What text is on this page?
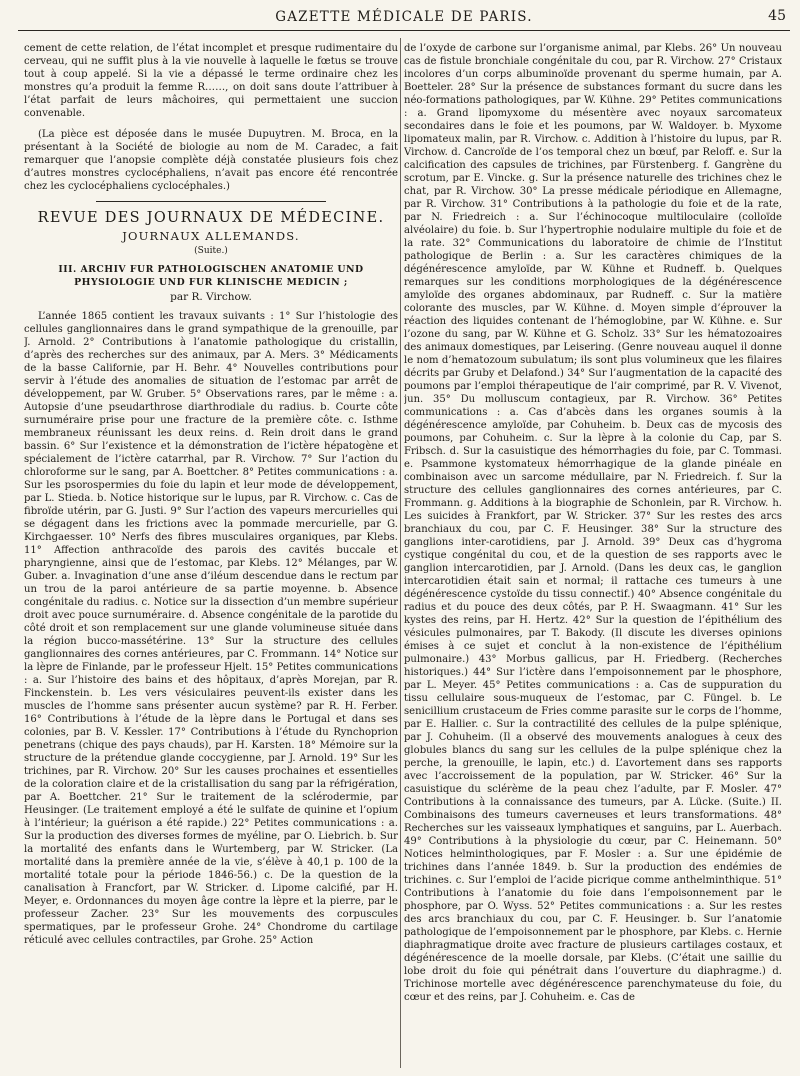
GAZETTE MÉDICALE DE PARIS.	45

cement de cette relation, de l’état incomplet et presque rudimentaire du cerveau, qui ne suffit plus à la vie nouvelle à laquelle le fœtus se trouve tout à coup appelé. Si la vie a dépassé le terme ordinaire chez les monstres qu’a produit la femme R……, on doit sans doute l’attribuer à l’état parfait de leurs mâchoires, qui permettaient une succion convenable.

(La pièce est déposée dans le musée Dupuytren. M. Broca, en la présentant à la Société de biologie au nom de M. Caradec, a fait remarquer que l’anopsie complète déjà constatée plusieurs fois chez d’autres monstres cyclocéphaliens, n’avait pas encore été rencontrée chez les cyclocéphaliens cyclocéphales.)

REVUE DES JOURNAUX DE MÉDECINE.
JOURNAUX ALLEMANDS.
(Suite.)
III. ARCHIV FUR PATHOLOGISCHEN ANATOMIE UND PHYSIOLOGIE UND FUR KLINISCHE MEDICIN ;
par R. Virchow.

L’année 1865 contient les travaux suivants : 1° Sur l’histologie des cellules ganglionnaires dans le grand sympathique de la grenouille, par J. Arnold. 2° Contributions à l’anatomie pathologique du cristallin, d’après des recherches sur des animaux, par A. Mers. 3° Médicaments de la basse Californie, par H. Behr. 4° Nouvelles contributions pour servir à l’étude des anomalies de situation de l’estomac par arrêt de développement, par W. Gruber. 5° Observations rares, par le même : a. Autopsie d’une pseudarthrose diarthrodiale du radius. b. Courte côte surnuméraire prise pour une fracture de la première côte. c. Isthme membraneux réunissant les deux reins. d. Rein droit dans le grand bassin. 6° Sur l’existence et la démonstration de l’ictère hépatogène et spécialement de l’ictère catarrhal, par R. Virchow. 7° Sur l’action du chloroforme sur le sang, par A. Boettcher. 8° Petites communications : a. Sur les psorospermies du foie du lapin et leur mode de développement, par L. Stieda. b. Notice historique sur le lupus, par R. Virchow. c. Cas de fibroïde utérin, par G. Justi. 9° Sur l’action des vapeurs mercurielles qui se dégagent dans les frictions avec la pommade mercurielle, par G. Kirchgaesser. 10° Nerfs des fibres musculaires organiques, par Klebs. 11° Affection anthracoïde des parois des cavités buccale et pharyngienne, ainsi que de l’estomac, par Klebs. 12° Mélanges, par W. Guber. a. Invagination d’une anse d’iléum descendue dans le rectum par un trou de la paroi antérieure de sa partie moyenne. b. Absence congénitale du radius. c. Notice sur la dissection d’un membre supérieur droit avec pouce surnuméraire. d. Absence congénitale de la parotide du côté droit et son remplacement sur une glande volumineuse située dans la région bucco-massétérine. 13° Sur la structure des cellules ganglionnaires des cornes antérieures, par C. Frommann. 14° Notice sur la lèpre de Finlande, par le professeur Hjelt. 15° Petites communications : a. Sur l’histoire des bains et des hôpitaux, d’après Morejan, par R. Finckenstein. b. Les vers vésiculaires peuvent-ils exister dans les muscles de l’homme sans présenter aucun système? par R. H. Ferber. 16° Contributions à l’étude de la lèpre dans le Portugal et dans ses colonies, par B. V. Kessler. 17° Contributions à l’étude du Rynchoprion penetrans (chique des pays chauds), par H. Karsten. 18° Mémoire sur la structure de la prétendue glande coccygienne, par J. Arnold. 19° Sur les trichines, par R. Virchow. 20° Sur les causes prochaines et essentielles de la coloration claire et de la cristallisation du sang par la réfrigération, par A. Boettcher. 21° Sur le traitement de la sclérodermie, par Heusinger. (Le traitement employé a été le sulfate de quinine et l’opium à l’intérieur; la guérison a été rapide.) 22° Petites communications : a. Sur la production des diverses formes de myéline, par O. Liebrich. b. Sur la mortalité des enfants dans le Wurtemberg, par W. Stricker. (La mortalité dans la première année de la vie, s’élève à 40,1 p. 100 de la mortalité totale pour la période 1846-56.) c. De la question de la canalisation à Francfort, par W. Stricker. d. Lipome calcifié, par H. Meyer, e. Ordonnances du moyen âge contre la lèpre et la pierre, par le professeur Zacher. 23° Sur les mouvements des corpuscules spermatiques, par le professeur Grohe. 24° Chondrome du cartilage réticulé avec cellules contractiles, par Grohe. 25° Action

de l’oxyde de carbone sur l’organisme animal, par Klebs. 26° Un nouveau cas de fistule bronchiale congénitale du cou, par R. Virchow. 27° Cristaux incolores d’un corps albuminoïde provenant du sperme humain, par A. Boetteler. 28° Sur la présence de substances formant du sucre dans les néo-formations pathologiques, par W. Kühne. 29° Petites communications : a. Grand lipomyxome du mésentère avec noyaux sarcomateux secondaires dans le foie et les poumons, par W. Waldoyer. b. Myxome lipomateux malin, par R. Virchow. c. Addition à l’histoire du lupus, par R. Virchow. d. Cancroïde de l’os temporal chez un bœuf, par Reloff. e. Sur la calcification des capsules de trichines, par Fürstenberg. f. Gangrène du scrotum, par E. Vincke. g. Sur la présence naturelle des trichines chez le chat, par R. Virchow. 30° La presse médicale périodique en Allemagne, par R. Virchow. 31° Contributions à la pathologie du foie et de la rate, par N. Friedreich : a. Sur l’échinocoque multiloculaire (colloïde alvéolaire) du foie. b. Sur l’hypertrophie nodulaire multiple du foie et de la rate. 32° Communications du laboratoire de chimie de l’Institut pathologique de Berlin : a. Sur les caractères chimiques de la dégénérescence amyloïde, par W. Kühne et Rudneff. b. Quelques remarques sur les conditions morphologiques de la dégénérescence amyloïde des organes abdominaux, par Rudneff. c. Sur la matière colorante des muscles, par W. Kühne. d. Moyen simple d’éprouver la réaction des liquides contenant de l’hémoglobine, par W. Kühne. e. Sur l’ozone du sang, par W. Kühne et G. Scholz. 33° Sur les hématozoaires des animaux domestiques, par Leisering. (Genre nouveau auquel il donne le nom d’hematozoum subulatum; ils sont plus volumineux que les filaires décrits par Gruby et Delafond.) 34° Sur l’augmentation de la capacité des poumons par l’emploi thérapeutique de l’air comprimé, par R. V. Vivenot, jun. 35° Du molluscum contagieux, par R. Virchow. 36° Petites communications : a. Cas d’abcès dans les organes soumis à la dégénérescence amyloïde, par Cohuheim. b. Deux cas de mycosis des poumons, par Cohuheim. c. Sur la lèpre à la colonie du Cap, par S. Fribsch. d. Sur la casuistique des hémorrhagies du foie, par C. Tommasi. e. Psammone kystomateux hémorrhagique de la glande pinéale en combinaison avec un sarcome médullaire, par N. Friedreich. f. Sur la structure des cellules ganglionnaires des cornes antérieures, par C. Frommann. g. Additions à la biographie de Schonlein, par R. Virchow. h. Les suicides à Frankfort, par W. Stricker. 37° Sur les restes des arcs branchiaux du cou, par C. F. Heusinger. 38° Sur la structure des ganglions inter-carotidiens, par J. Arnold. 39° Deux cas d’hygroma cystique congénital du cou, et de la question de ses rapports avec le ganglion intercarotidien, par J. Arnold. (Dans les deux cas, le ganglion intercarotidien était sain et normal; il rattache ces tumeurs à une dégénérescence cystoïde du tissu connectif.) 40° Absence congénitale du radius et du pouce des deux côtés, par P. H. Swaagmann. 41° Sur les kystes des reins, par H. Hertz. 42° Sur la question de l’épithélium des vésicules pulmonaires, par T. Bakody. (Il discute les diverses opinions émises à ce sujet et conclut à la non-existence de l’épithélium pulmonaire.) 43° Morbus gallicus, par H. Friedberg. (Recherches historiques.) 44° Sur l’ictère dans l’empoisonnement par le phosphore, par L. Meyer. 45° Petites communications : a. Cas de suppuration du tissu cellulaire sous-muqueux de l’estomac, par C. Füngel. b. Le senicillium crustaceum de Fries comme parasite sur le corps de l’homme, par E. Hallier. c. Sur la contractilité des cellules de la pulpe splénique, par J. Cohuheim. (Il a observé des mouvements analogues à ceux des globules blancs du sang sur les cellules de la pulpe splénique chez la perche, la grenouille, le lapin, etc.) d. L’avortement dans ses rapports avec l’accroissement de la population, par W. Stricker. 46° Sur la casuistique du sclérème de la peau chez l’adulte, par F. Mosler. 47° Contributions à la connaissance des tumeurs, par A. Lücke. (Suite.) II. Combinaisons des tumeurs caverneuses et leurs transformations. 48° Recherches sur les vaisseaux lymphatiques et sanguins, par L. Auerbach. 49° Contributions à la physiologie du cœur, par C. Heinemann. 50° Notices helminthologiques, par F. Mosler : a. Sur une épidémie de trichines dans l’année 1849. b. Sur la production des endémies de trichines. c. Sur l’emploi de l’acide picrique comme anthelminthique. 51° Contributions à l’anatomie du foie dans l’empoisonnement par le phosphore, par O. Wyss. 52° Petites communications : a. Sur les restes des arcs branchiaux du cou, par C. F. Heusinger. b. Sur l’anatomie pathologique de l’empoisonnement par le phosphore, par Klebs. c. Hernie diaphragmatique droite avec fracture de plusieurs cartilages costaux, et dégénérescence de la moelle dorsale, par Klebs. (C’était une saillie du lobe droit du foie qui pénétrait dans l’ouverture du diaphragme.) d. Trichinose mortelle avec dégénérescence parenchymateuse du foie, du cœur et des reins, par J. Cohuheim. e. Cas de
